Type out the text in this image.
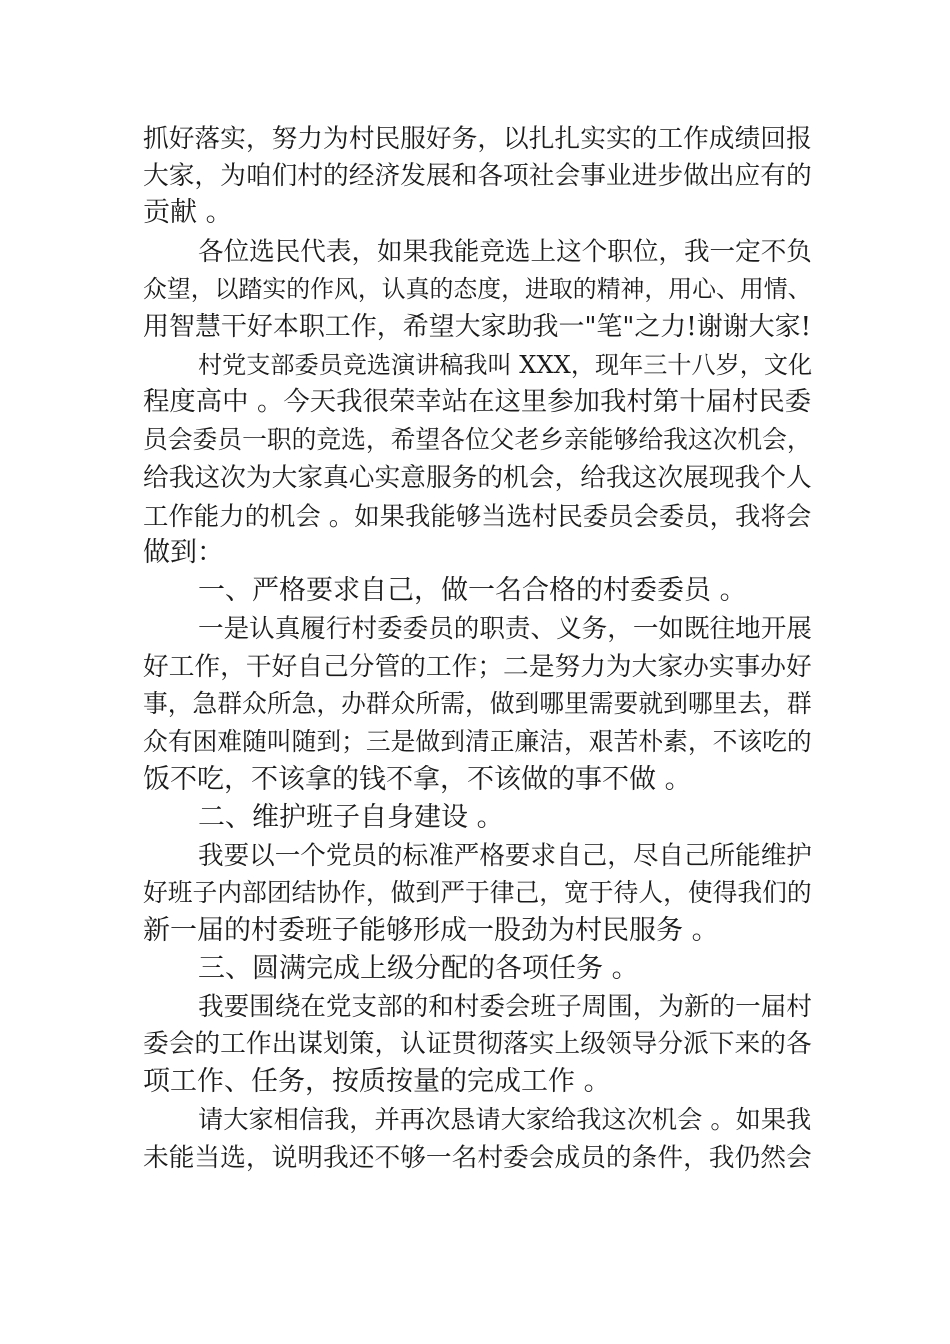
抓好落实，努力为村民服好务，以扎扎实实的工作成绩回报
大家，为咱们村的经济发展和各项社会事业进步做出应有的
贡献 。
各位选民代表，如果我能竞选上这个职位，我一定不负
众望，以踏实的作风，认真的态度，进取的精神，用心、用情、
用智慧干好本职工作，希望大家助我一"笔"之力!谢谢大家!
村党支部委员竞选演讲稿我叫 XXX，现年三十八岁，文化
程度高中 。今天我很荣幸站在这里参加我村第十届村民委
员会委员一职的竞选，希望各位父老乡亲能够给我这次机会，
给我这次为大家真心实意服务的机会，给我这次展现我个人
工作能力的机会 。如果我能够当选村民委员会委员，我将会
做到：
一、严格要求自己，做一名合格的村委委员 。
一是认真履行村委委员的职责、义务，一如既往地开展
好工作，干好自己分管的工作；二是努力为大家办实事办好
事，急群众所急，办群众所需，做到哪里需要就到哪里去，群
众有困难随叫随到；三是做到清正廉洁，艰苦朴素，不该吃的
饭不吃，不该拿的钱不拿，不该做的事不做 。
二、维护班子自身建设 。
我要以一个党员的标准严格要求自己，尽自己所能维护
好班子内部团结协作，做到严于律己，宽于待人，使得我们的
新一届的村委班子能够形成一股劲为村民服务 。
三、圆满完成上级分配的各项任务 。
我要围绕在党支部的和村委会班子周围，为新的一届村
委会的工作出谋划策，认证贯彻落实上级领导分派下来的各
项工作、任务，按质按量的完成工作 。
请大家相信我，并再次恳请大家给我这次机会 。如果我
未能当选，说明我还不够一名村委会成员的条件，我仍然会
